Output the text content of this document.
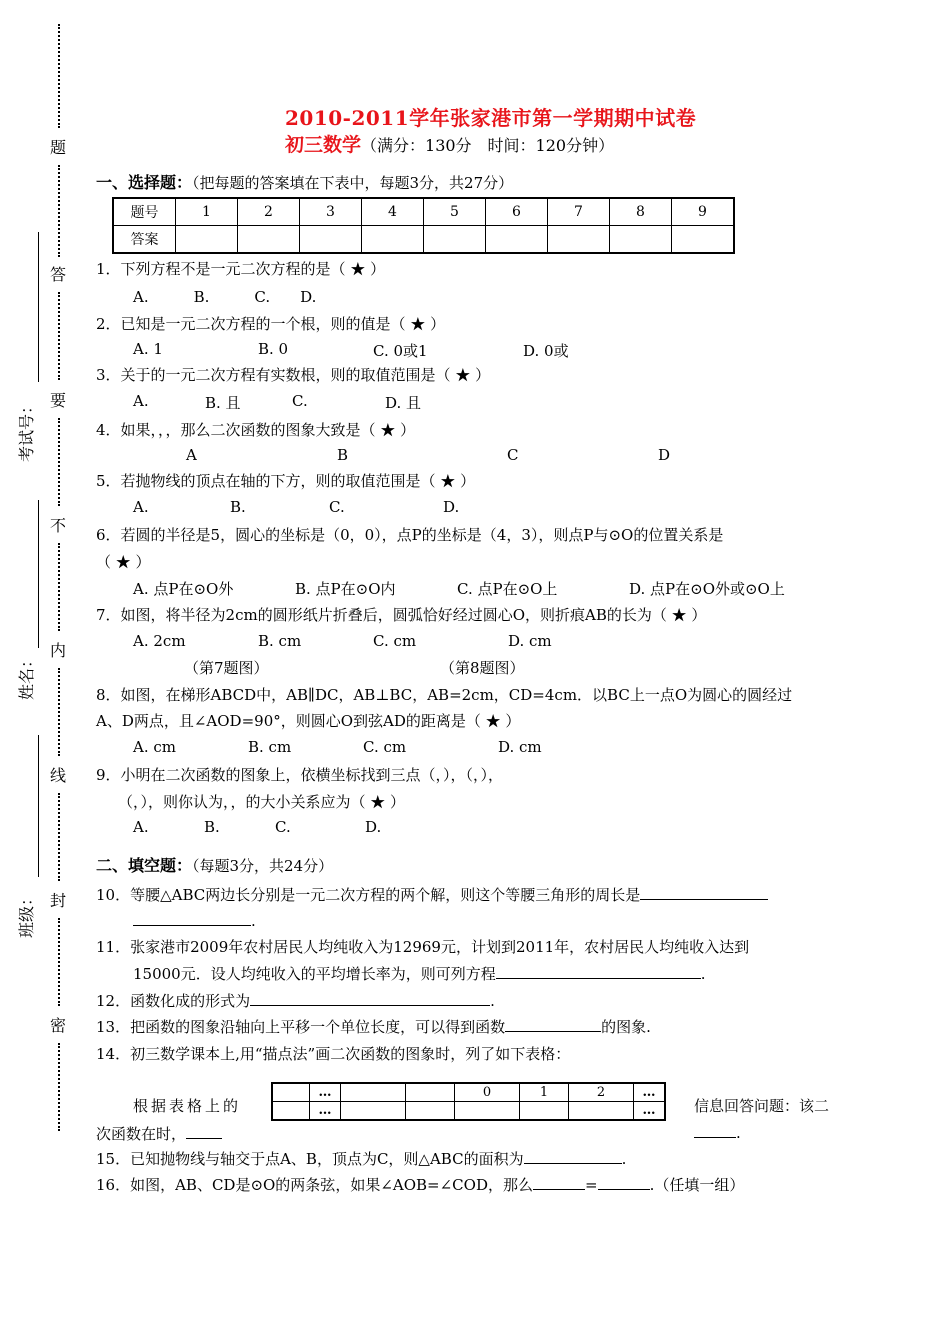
题
答
要
不
内
线
封
密
考试号：
姓名：
班级：
2010-2011学年张家港市第一学期期中试卷
初三数学（满分：130分　时间：120分钟）
一、选择题：（把每题的答案填在下表中，每题3分，共27分）
题号	1	2	3	4	5	6	7	8	9
答案									
1．下列方程不是一元二次方程的是（ ★ ）
A.　　　B.　　　C.　　D.
2．已知是一元二次方程的一个根，则的值是（ ★ ）
A. 1	B. 0	C. 0或1	D. 0或
3．关于的一元二次方程有实数根，则的取值范围是（ ★ ）
A.	B. 且	C.	D. 且
4．如果，，，那么二次函数的图象大致是（ ★ ）
A	B	C	D
5．若抛物线的顶点在轴的下方，则的取值范围是（ ★ ）
A.	B.	C.	D.
6．若圆的半径是5，圆心的坐标是（0，0），点P的坐标是（4，3），则点P与⊙O的位置关系是
（ ★ ）
A. 点P在⊙O外	B. 点P在⊙O内	C. 点P在⊙O上	D. 点P在⊙O外或⊙O上
7．如图，将半径为2cm的圆形纸片折叠后，圆弧恰好经过圆心O，则折痕AB的长为（ ★ ）
A. 2cm	B. cm	C. cm	D. cm
（第7题图）	（第8题图）
8．如图，在梯形ABCD中，AB∥DC，AB⊥BC，AB=2cm，CD=4cm．以BC上一点O为圆心的圆经过
A、D两点，且∠AOD=90°，则圆心O到弦AD的距离是（ ★ ）
A. cm	B. cm	C. cm	D. cm
9．小明在二次函数的图象上，依横坐标找到三点（，），（，），
（，），则你认为，，的大小关系应为（ ★ ）
A.	B.	C.	D.
二、填空题：（每题3分，共24分）
10．等腰△ABC两边长分别是一元二次方程的两个解，则这个等腰三角形的周长是
.
11．张家港市2009年农村居民人均纯收入为12969元，计划到2011年，农村居民人均纯收入达到
15000元．设人均纯收入的平均增长率为，则可列方程	.
12．函数化成的形式为	.
13．把函数的图象沿轴向上平移一个单位长度，可以得到函数	的图象.
14．初三数学课本上,用“描点法”画二次函数的图象时，列了如下表格：
根据表格上的
次函数在时，
	…			0	1	2	…
	…						…	信息回答问题：该二
.
15．已知抛物线与轴交于点A、B，顶点为C，则△ABC的面积为	.
16．如图，AB、CD是⊙O的两条弦，如果∠AOB=∠COD，那么	=	.（任填一组）
